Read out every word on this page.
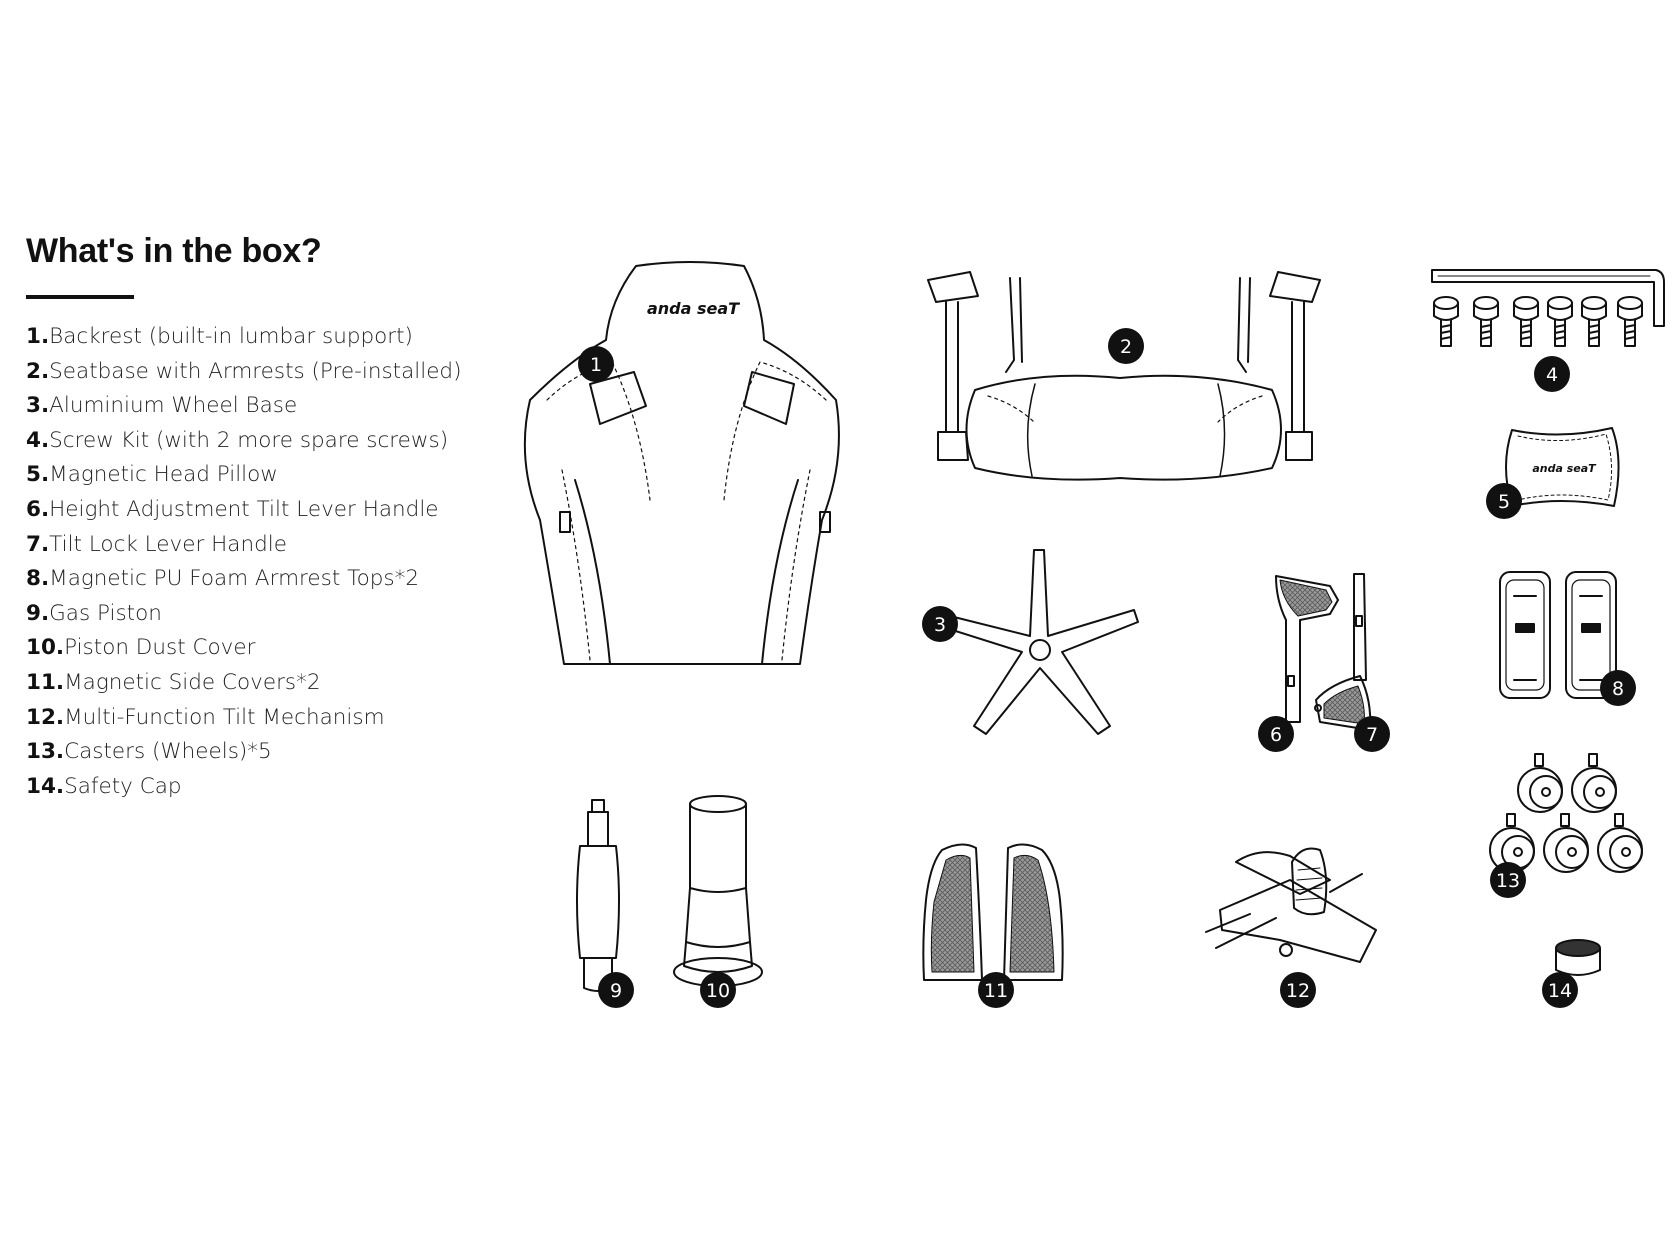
What's in the box?
1.Backrest (built-in lumbar support)
2.Seatbase with Armrests (Pre-installed)
3.Aluminium Wheel Base
4.Screw Kit (with 2 more spare screws)
5.Magnetic Head Pillow
6.Height Adjustment Tilt Lever Handle
7.Tilt Lock Lever Handle
8.Magnetic PU Foam Armrest Tops*2
9.Gas Piston
10.Piston Dust Cover
11.Magnetic Side Covers*2
12.Multi-Function Tilt Mechanism
13.Casters (Wheels)*5
14.Safety Cap
anda seaT
anda seaT
1
2
3
4
5
6	7
8
9	10	11	12
13
14
